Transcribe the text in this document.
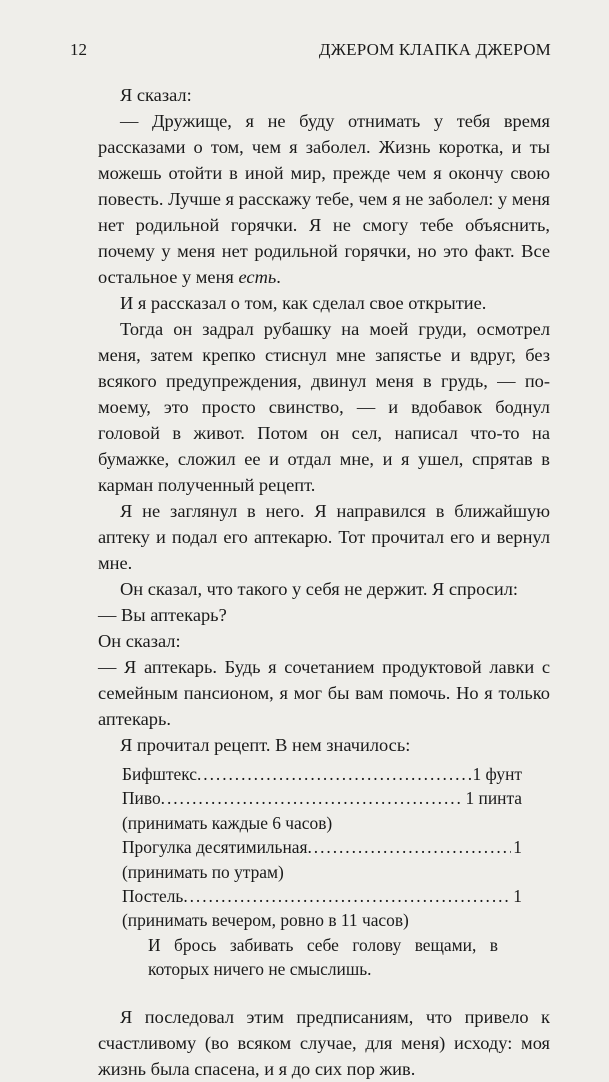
12	ДЖЕРОМ КЛАПКА ДЖЕРОМ

Я сказал:

— Дружище, я не буду отнимать у тебя время рассказами о том, чем я заболел. Жизнь коротка, и ты можешь отойти в иной мир, прежде чем я окончу свою повесть. Лучше я расскажу тебе, чем я не заболел: у меня нет родильной горячки. Я не смогу тебе объяснить, почему у меня нет родильной горячки, но это факт. Все остальное у меня есть.

И я рассказал о том, как сделал свое открытие.

Тогда он задрал рубашку на моей груди, осмотрел меня, затем крепко стиснул мне запястье и вдруг, без всякого предупреждения, двинул меня в грудь, — по-моему, это просто свинство, — и вдобавок боднул головой в живот. Потом он сел, написал что-то на бумажке, сложил ее и отдал мне, и я ушел, спрятав в карман полученный рецепт.

Я не заглянул в него. Я направился в ближайшую аптеку и подал его аптекарю. Тот прочитал его и вернул мне.

Он сказал, что такого у себя не держит. Я спросил:

— Вы аптекарь?

Он сказал:

— Я аптекарь. Будь я сочетанием продуктовой лавки с семейным пансионом, я мог бы вам помочь. Но я только аптекарь.

Я прочитал рецепт. В нем значилось:

Бифштекс . . .	1 фунт
Пиво . . .	1 пинта

(принимать каждые 6 часов)

Прогулка десятимильная . . .	1

(принимать по утрам)

Постель . . .	1

(принимать вечером, ровно в 11 часов)

И брось забивать себе голову вещами, в которых ничего не смыслишь.

Я последовал этим предписаниям, что привело к счастливому (во всяком случае, для меня) исходу: моя жизнь была спасена, и я до сих пор жив.
